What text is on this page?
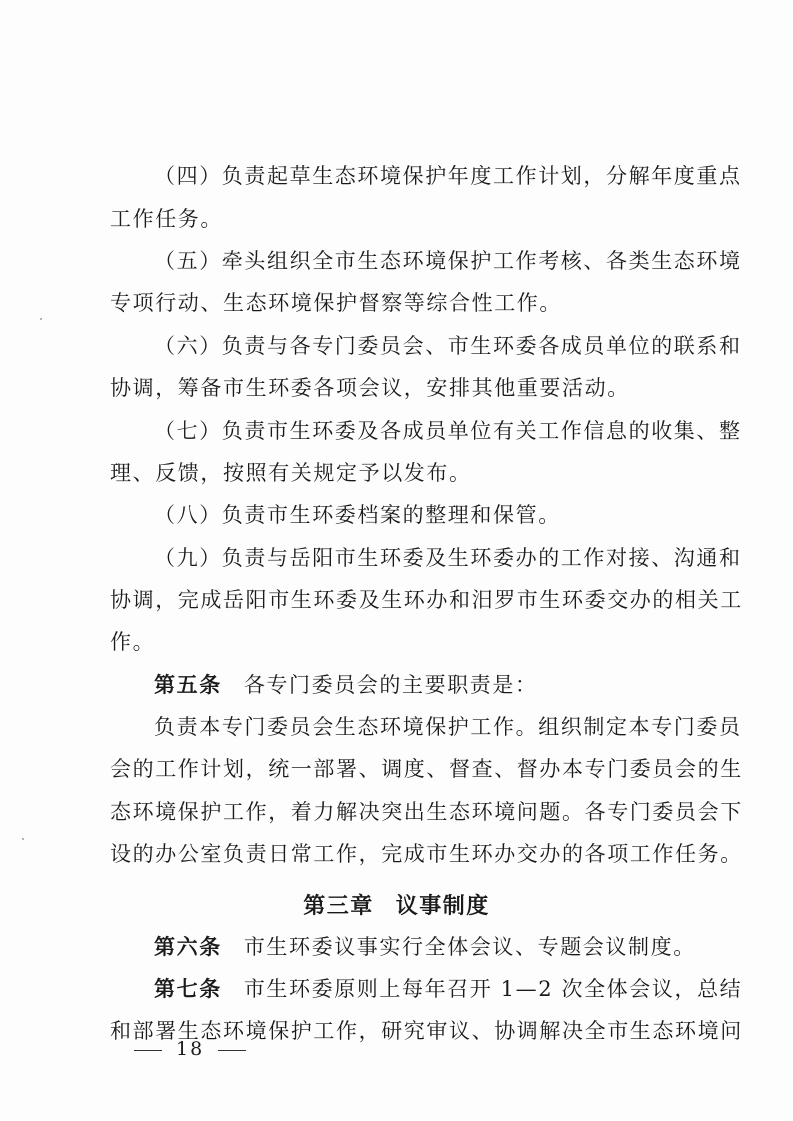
（四）负责起草生态环境保护年度工作计划，分解年度重点
工作任务。
（五）牵头组织全市生态环境保护工作考核、各类生态环境
专项行动、生态环境保护督察等综合性工作。
（六）负责与各专门委员会、市生环委各成员单位的联系和
协调，筹备市生环委各项会议，安排其他重要活动。
（七）负责市生环委及各成员单位有关工作信息的收集、整
理、反馈，按照有关规定予以发布。
（八）负责市生环委档案的整理和保管。
（九）负责与岳阳市生环委及生环委办的工作对接、沟通和
协调，完成岳阳市生环委及生环办和汨罗市生环委交办的相关工
作。
第五条 各专门委员会的主要职责是：
负责本专门委员会生态环境保护工作。组织制定本专门委员
会的工作计划，统一部署、调度、督查、督办本专门委员会的生
态环境保护工作，着力解决突出生态环境问题。各专门委员会下
设的办公室负责日常工作，完成市生环办交办的各项工作任务。
第三章 议事制度
第六条 市生环委议事实行全体会议、专题会议制度。
第七条 市生环委原则上每年召开 1—2 次全体会议，总结
和部署生态环境保护工作，研究审议、协调解决全市生态环境问
18
